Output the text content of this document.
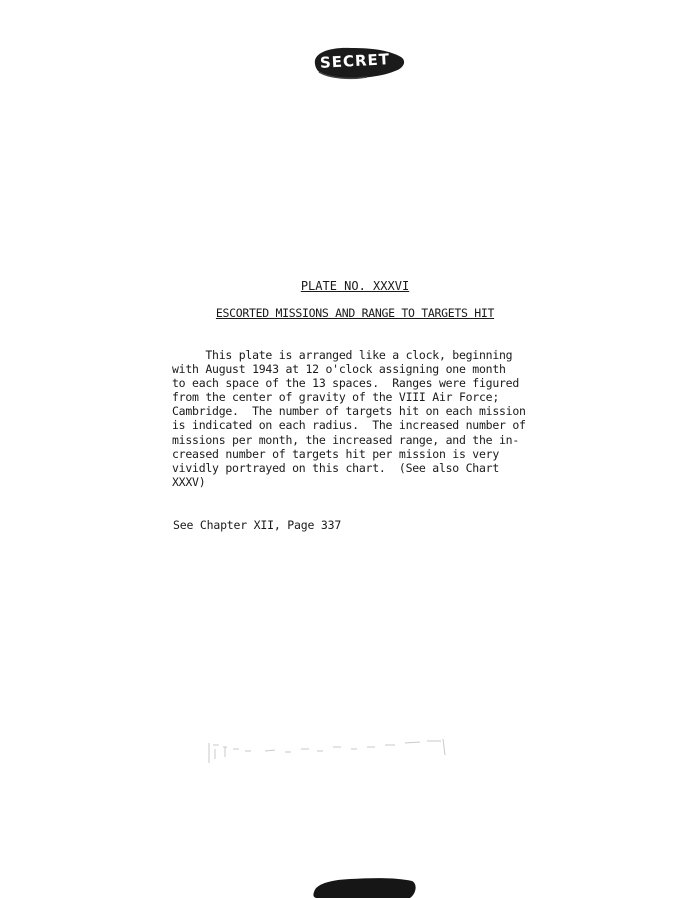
SECRET
PLATE NO. XXXVI
ESCORTED MISSIONS AND RANGE TO TARGETS HIT
This plate is arranged like a clock, beginning
with August 1943 at 12 o'clock assigning one month
to each space of the 13 spaces.  Ranges were figured
from the center of gravity of the VIII Air Force;
Cambridge.  The number of targets hit on each mission
is indicated on each radius.  The increased number of
missions per month, the increased range, and the in-
creased number of targets hit per mission is very
vividly portrayed on this chart.  (See also Chart
XXXV)
See Chapter XII, Page 337
